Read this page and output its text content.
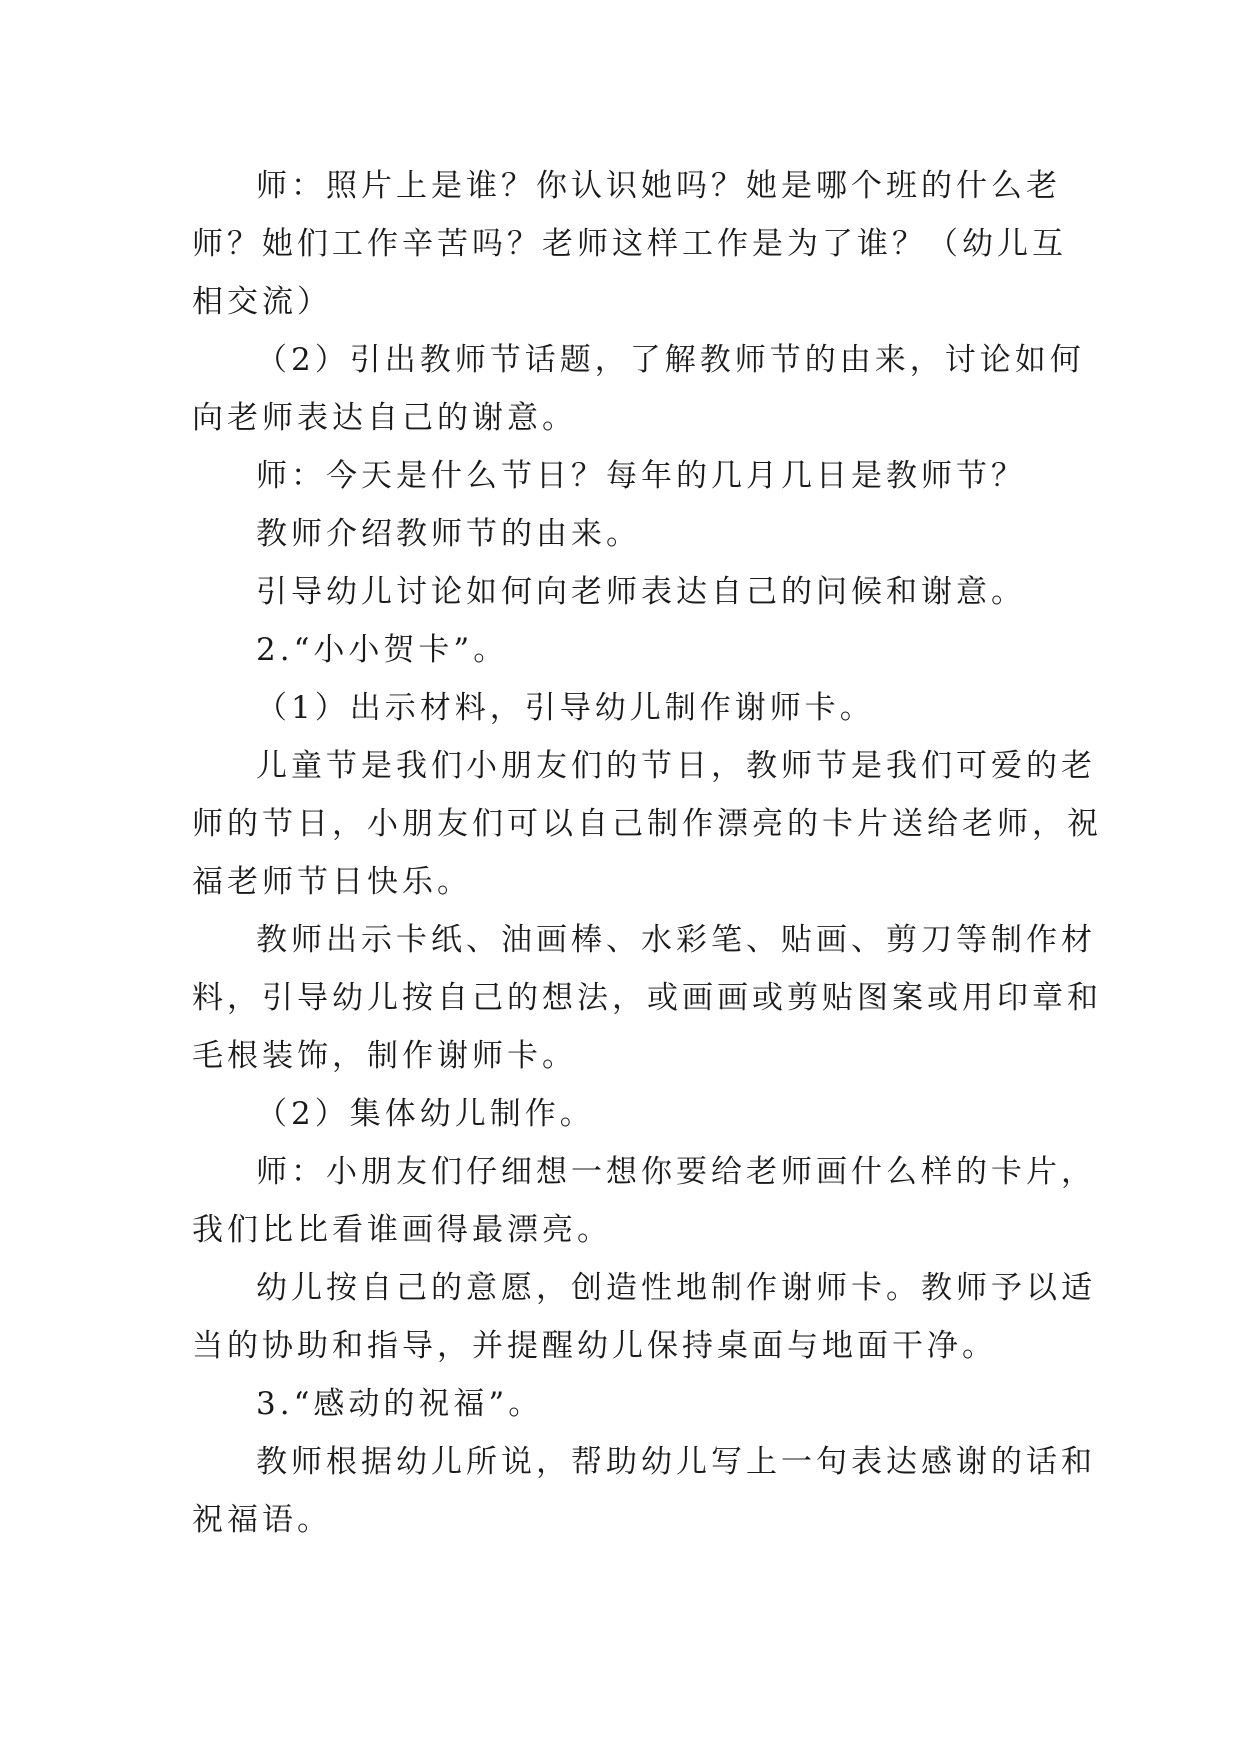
师：照片上是谁？你认识她吗？她是哪个班的什么老
师？她们工作辛苦吗？老师这样工作是为了谁？（幼儿互
相交流）
（2）引出教师节话题，了解教师节的由来，讨论如何
向老师表达自己的谢意。
师：今天是什么节日？每年的几月几日是教师节？
教师介绍教师节的由来。
引导幼儿讨论如何向老师表达自己的问候和谢意。
2.“小小贺卡”。
（1）出示材料，引导幼儿制作谢师卡。
儿童节是我们小朋友们的节日，教师节是我们可爱的老
师的节日，小朋友们可以自己制作漂亮的卡片送给老师，祝
福老师节日快乐。
教师出示卡纸、油画棒、水彩笔、贴画、剪刀等制作材
料，引导幼儿按自己的想法，或画画或剪贴图案或用印章和
毛根装饰，制作谢师卡。
（2）集体幼儿制作。
师：小朋友们仔细想一想你要给老师画什么样的卡片，
我们比比看谁画得最漂亮。
幼儿按自己的意愿，创造性地制作谢师卡。教师予以适
当的协助和指导，并提醒幼儿保持桌面与地面干净。
3.“感动的祝福”。
教师根据幼儿所说，帮助幼儿写上一句表达感谢的话和
祝福语。
